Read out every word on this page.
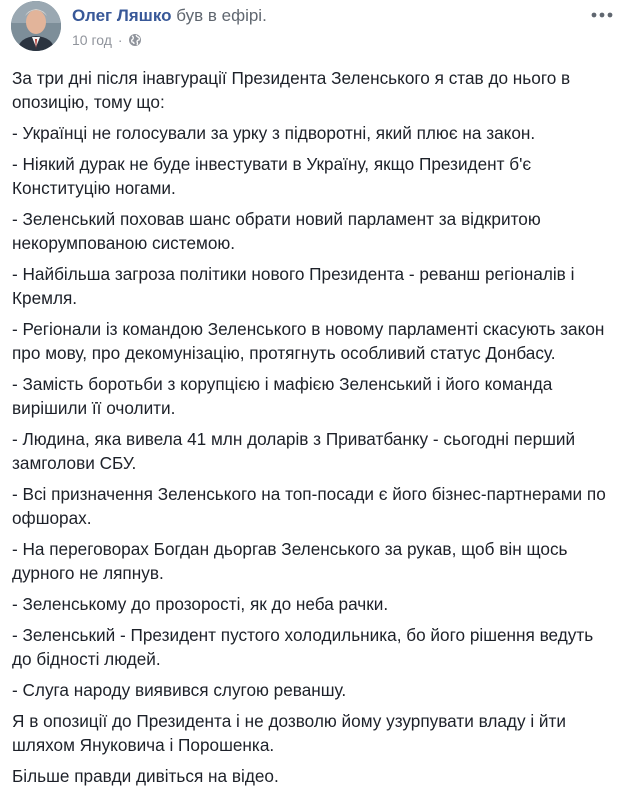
Олег Ляшко був в ефірі.
10 год ·

За три дні після інавгурації Президента Зеленського я став до нього в опозицію, тому що:

- Українці не голосували за урку з підворотні, який плює на закон.

- Ніякий дурак не буде інвестувати в Україну, якщо Президент б'є Конституцію ногами.

- Зеленський поховав шанс обрати новий парламент за відкритою некорумпованою системою.

- Найбільша загроза політики нового Президента - реванш регіоналів і Кремля.

- Регіонали із командою Зеленського в новому парламенті скасують закон про мову, про декомунізацію, протягнуть особливий статус Донбасу.

- Замість боротьби з корупцією і мафією Зеленський і його команда вирішили її очолити.

- Людина, яка вивела 41 млн доларів з Приватбанку - сьогодні перший замголови СБУ.

- Всі призначення Зеленського на топ-посади є його бізнес-партнерами по офшорах.

- На переговорах Богдан дьоргав Зеленського за рукав, щоб він щось дурного не ляпнув.

- Зеленському до прозорості, як до неба рачки.

- Зеленський - Президент пустого холодильника, бо його рішення ведуть до бідності людей.

- Слуга народу виявився слугою реваншу.

Я в опозиції до Президента і не дозволю йому узурпувати владу і йти шляхом Януковича і Порошенка.

Більше правди дивіться на відео.
